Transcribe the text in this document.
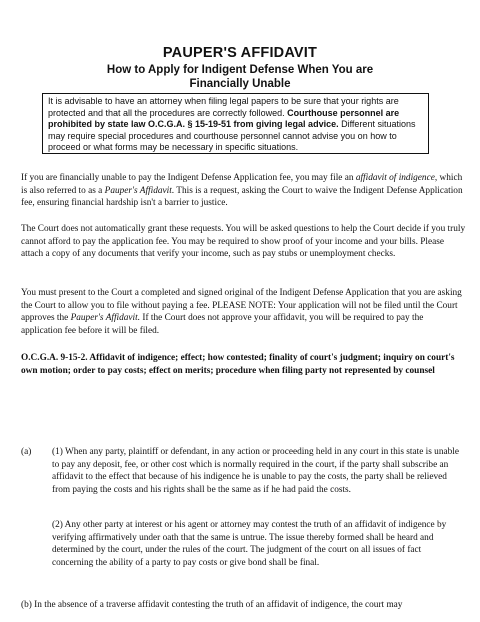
PAUPER'S AFFIDAVIT
How to Apply for Indigent Defense When You are
Financially Unable
It is advisable to have an attorney when filing legal papers to be sure that your rights are protected and that all the procedures are correctly followed. Courthouse personnel are prohibited by state law O.C.G.A. § 15-19-51 from giving legal advice. Different situations may require special procedures and courthouse personnel cannot advise you on how to proceed or what forms may be necessary in specific situations.
If you are financially unable to pay the Indigent Defense Application fee, you may file an affidavit of indigence, which is also referred to as a Pauper's Affidavit. This is a request, asking the Court to waive the Indigent Defense Application fee, ensuring financial hardship isn't a barrier to justice.
The Court does not automatically grant these requests. You will be asked questions to help the Court decide if you truly cannot afford to pay the application fee. You may be required to show proof of your income and your bills. Please attach a copy of any documents that verify your income, such as pay stubs or unemployment checks.
You must present to the Court a completed and signed original of the Indigent Defense Application that you are asking the Court to allow you to file without paying a fee. PLEASE NOTE: Your application will not be filed until the Court approves the Pauper's Affidavit. If the Court does not approve your affidavit, you will be required to pay the application fee before it will be filed.
O.C.G.A. 9-15-2. Affidavit of indigence; effect; how contested; finality of court's judgment; inquiry on court's own motion; order to pay costs; effect on merits; procedure when filing party not represented by counsel
(a) (1) When any party, plaintiff or defendant, in any action or proceeding held in any court in this state is unable to pay any deposit, fee, or other cost which is normally required in the court, if the party shall subscribe an affidavit to the effect that because of his indigence he is unable to pay the costs, the party shall be relieved from paying the costs and his rights shall be the same as if he had paid the costs.
(2) Any other party at interest or his agent or attorney may contest the truth of an affidavit of indigence by verifying affirmatively under oath that the same is untrue. The issue thereby formed shall be heard and determined by the court, under the rules of the court. The judgment of the court on all issues of fact concerning the ability of a party to pay costs or give bond shall be final.
(b) In the absence of a traverse affidavit contesting the truth of an affidavit of indigence, the court may
